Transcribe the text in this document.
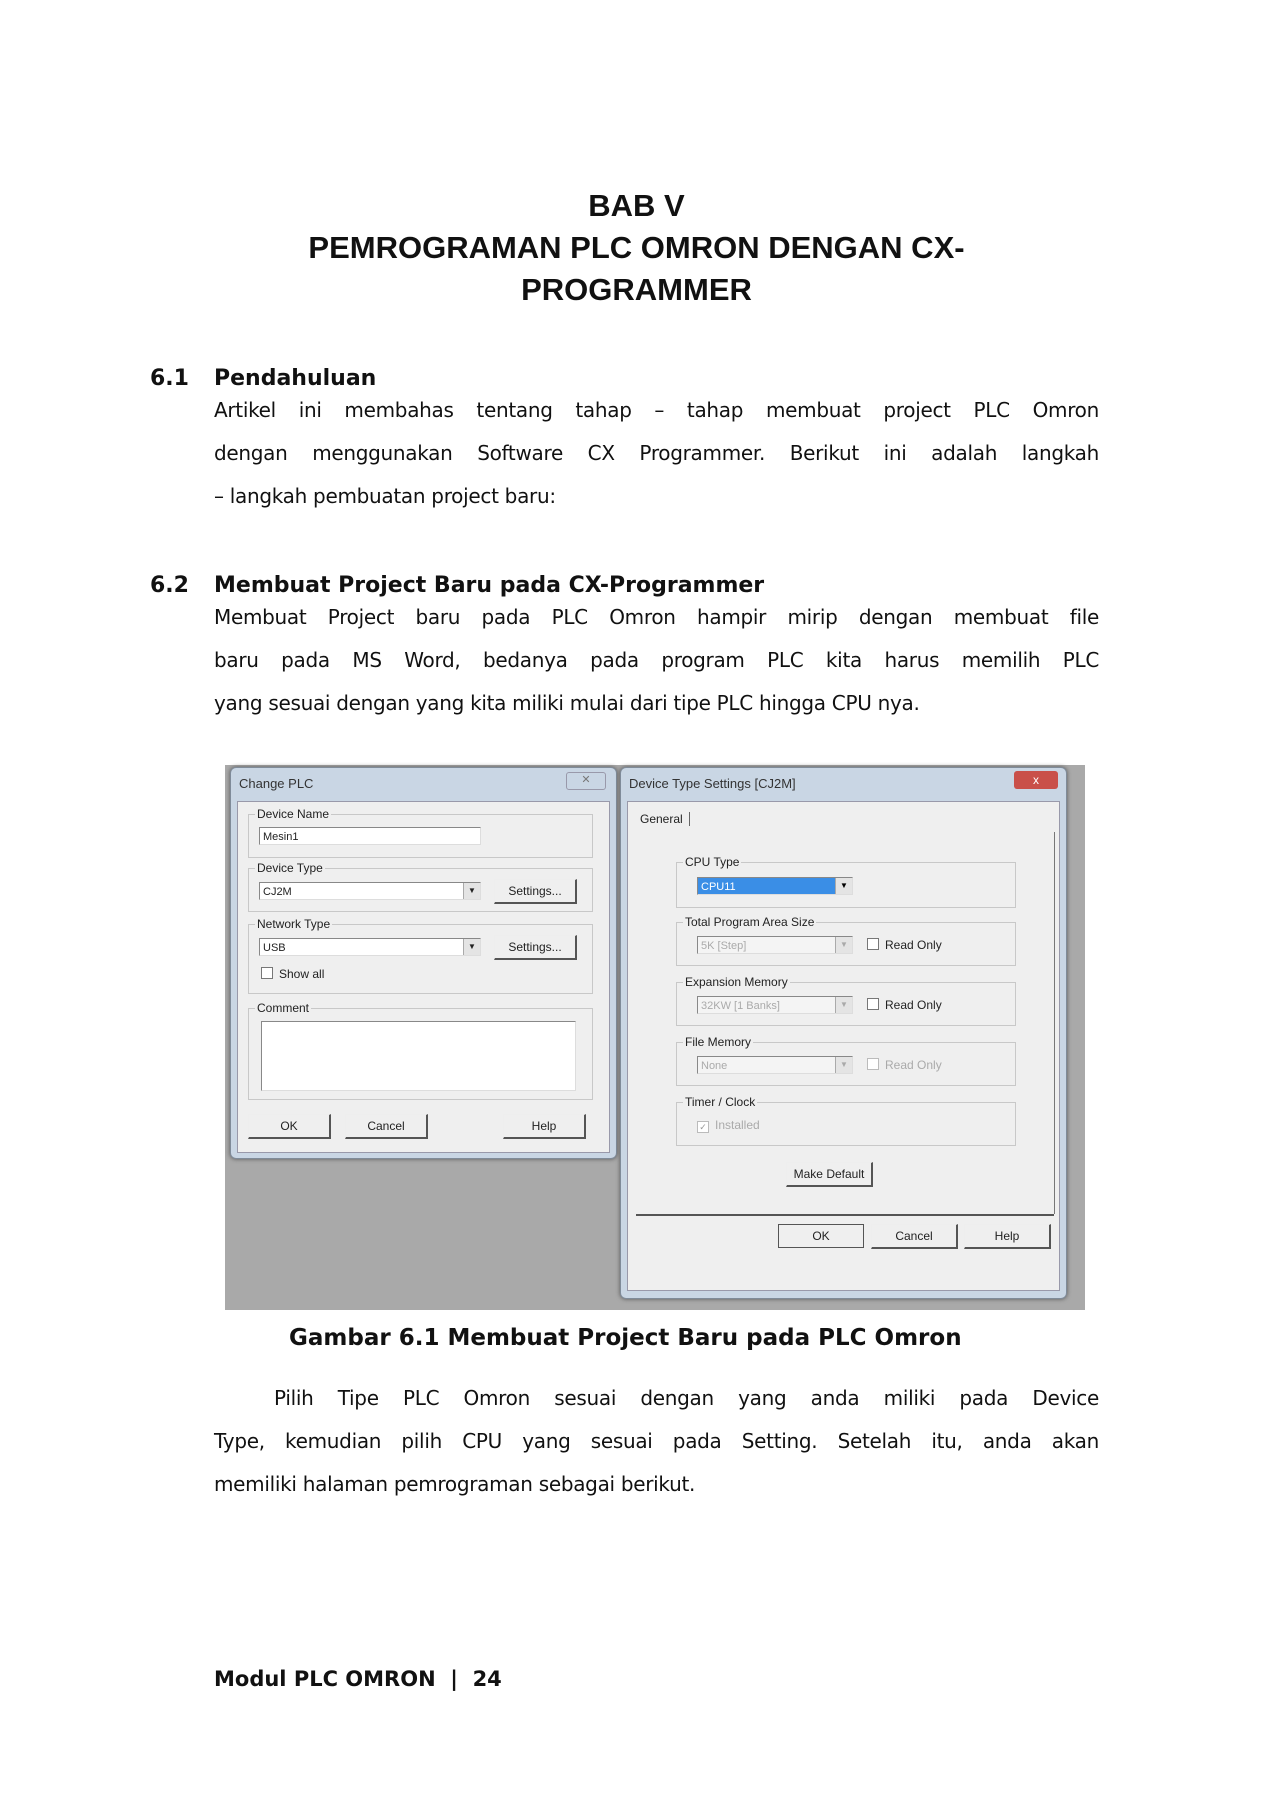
BAB V
PEMROGRAMAN PLC OMRON DENGAN CX-
PROGRAMMER
6.1 Pendahuluan
Artikel ini membahas tentang tahap – tahap membuat project PLC Omron
dengan menggunakan Software CX Programmer. Berikut ini adalah langkah
– langkah pembuatan project baru:
6.2 Membuat Project Baru pada CX-Programmer
Membuat Project baru pada PLC Omron hampir mirip dengan membuat file
baru pada MS Word, bedanya pada program PLC kita harus memilih PLC
yang sesuai dengan yang kita miliki mulai dari tipe PLC hingga CPU nya.
Change PLC	✕
Device Name
Mesin1
Device Type
CJ2M	▼	Settings...
Network Type
USB	▼	Settings...
Show all
Comment
OK	Cancel	Help
Device Type Settings [CJ2M]	x
General
CPU Type
CPU11	▼
Total Program Area Size
5K [Step]	▼	Read Only
Expansion Memory
32KW [1 Banks]	▼	Read Only
File Memory
None	▼	Read Only
Timer / Clock
✓ Installed
Make Default
OK	Cancel	Help
Gambar 6.1 Membuat Project Baru pada PLC Omron
Pilih Tipe PLC Omron sesuai dengan yang anda miliki pada Device
Type, kemudian pilih CPU yang sesuai pada Setting. Setelah itu, anda akan
memiliki halaman pemrograman sebagai berikut.
Modul PLC OMRON  |  24
